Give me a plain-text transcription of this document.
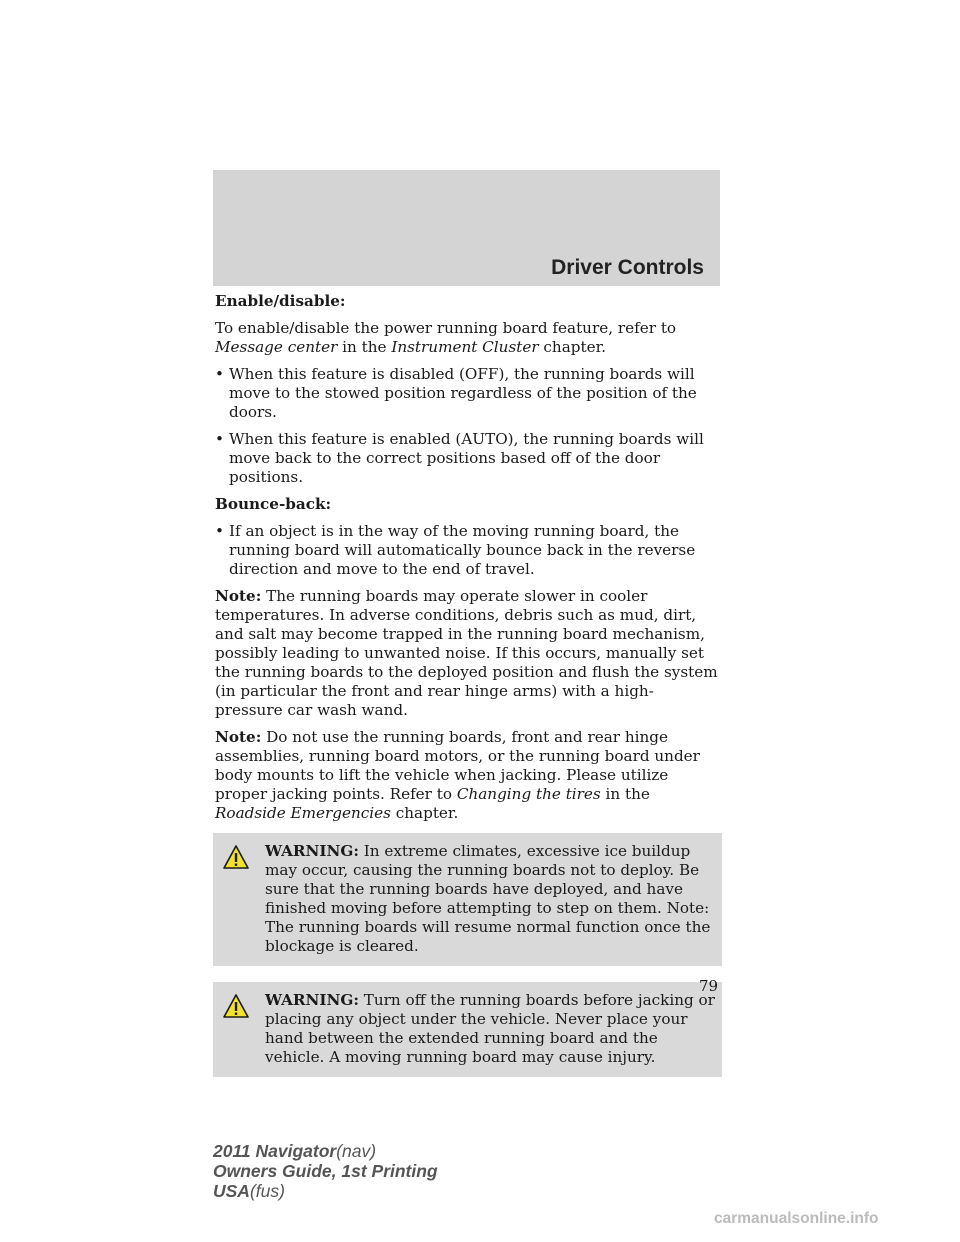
Driver Controls

Enable/disable:

To enable/disable the power running board feature, refer to Message center in the Instrument Cluster chapter.

• When this feature is disabled (OFF), the running boards will move to the stowed position regardless of the position of the doors.
• When this feature is enabled (AUTO), the running boards will move back to the correct positions based off of the door positions.

Bounce-back:

• If an object is in the way of the moving running board, the running board will automatically bounce back in the reverse direction and move to the end of travel.

Note: The running boards may operate slower in cooler temperatures. In adverse conditions, debris such as mud, dirt, and salt may become trapped in the running board mechanism, possibly leading to unwanted noise. If this occurs, manually set the running boards to the deployed position and flush the system (in particular the front and rear hinge arms) with a high-pressure car wash wand.

Note: Do not use the running boards, front and rear hinge assemblies, running board motors, or the running board under body mounts to lift the vehicle when jacking. Please utilize proper jacking points. Refer to Changing the tires in the Roadside Emergencies chapter.

WARNING: In extreme climates, excessive ice buildup may occur, causing the running boards not to deploy. Be sure that the running boards have deployed, and have finished moving before attempting to step on them. Note: The running boards will resume normal function once the blockage is cleared.
WARNING: Turn off the running boards before jacking or placing any object under the vehicle. Never place your hand between the extended running board and the vehicle. A moving running board may cause injury.
79
2011 Navigator(nav)
Owners Guide, 1st Printing
USA(fus)
carmanualsonline.info
